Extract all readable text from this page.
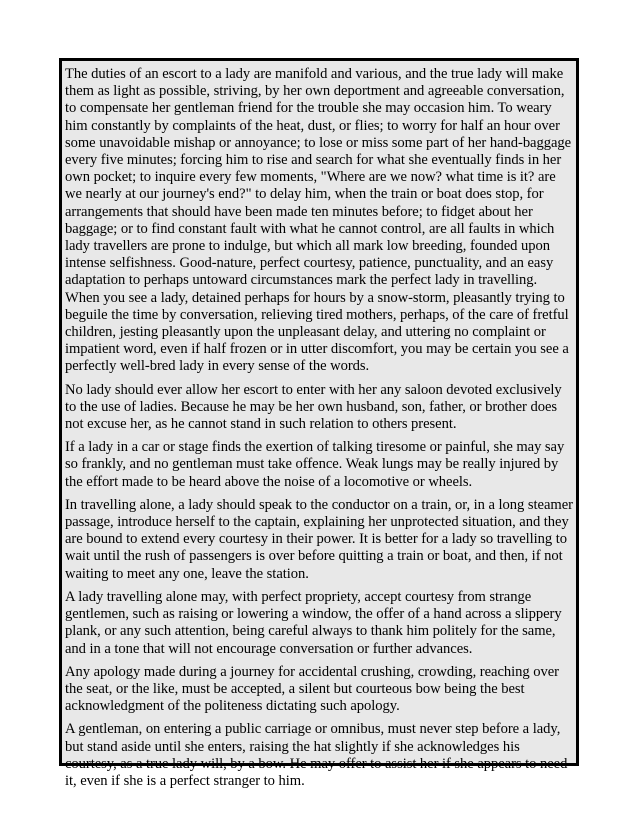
The duties of an escort to a lady are manifold and various, and the true lady will make them as light as possible, striving, by her own deportment and agreeable conversation, to compensate her gentleman friend for the trouble she may occasion him. To weary him constantly by complaints of the heat, dust, or flies; to worry for half an hour over some unavoidable mishap or annoyance; to lose or miss some part of her hand-baggage every five minutes; forcing him to rise and search for what she eventually finds in her own pocket; to inquire every few moments, "Where are we now? what time is it? are we nearly at our journey's end?" to delay him, when the train or boat does stop, for arrangements that should have been made ten minutes before; to fidget about her baggage; or to find constant fault with what he cannot control, are all faults in which lady travellers are prone to indulge, but which all mark low breeding, founded upon intense selfishness. Good-nature, perfect courtesy, patience, punctuality, and an easy adaptation to perhaps untoward circumstances mark the perfect lady in travelling. When you see a lady, detained perhaps for hours by a snow-storm, pleasantly trying to beguile the time by conversation, relieving tired mothers, perhaps, of the care of fretful children, jesting pleasantly upon the unpleasant delay, and uttering no complaint or impatient word, even if half frozen or in utter discomfort, you may be certain you see a perfectly well-bred lady in every sense of the words.

No lady should ever allow her escort to enter with her any saloon devoted exclusively to the use of ladies. Because he may be her own husband, son, father, or brother does not excuse her, as he cannot stand in such relation to others present.

If a lady in a car or stage finds the exertion of talking tiresome or painful, she may say so frankly, and no gentleman must take offence. Weak lungs may be really injured by the effort made to be heard above the noise of a locomotive or wheels.

In travelling alone, a lady should speak to the conductor on a train, or, in a long steamer passage, introduce herself to the captain, explaining her unprotected situation, and they are bound to extend every courtesy in their power. It is better for a lady so travelling to wait until the rush of passengers is over before quitting a train or boat, and then, if not waiting to meet any one, leave the station.

A lady travelling alone may, with perfect propriety, accept courtesy from strange gentlemen, such as raising or lowering a window, the offer of a hand across a slippery plank, or any such attention, being careful always to thank him politely for the same, and in a tone that will not encourage conversation or further advances.

Any apology made during a journey for accidental crushing, crowding, reaching over the seat, or the like, must be accepted, a silent but courteous bow being the best acknowledgment of the politeness dictating such apology.

A gentleman, on entering a public carriage or omnibus, must never step before a lady, but stand aside until she enters, raising the hat slightly if she acknowledges his courtesy, as a true lady will, by a bow. He may offer to assist her if she appears to need it, even if she is a perfect stranger to him.
